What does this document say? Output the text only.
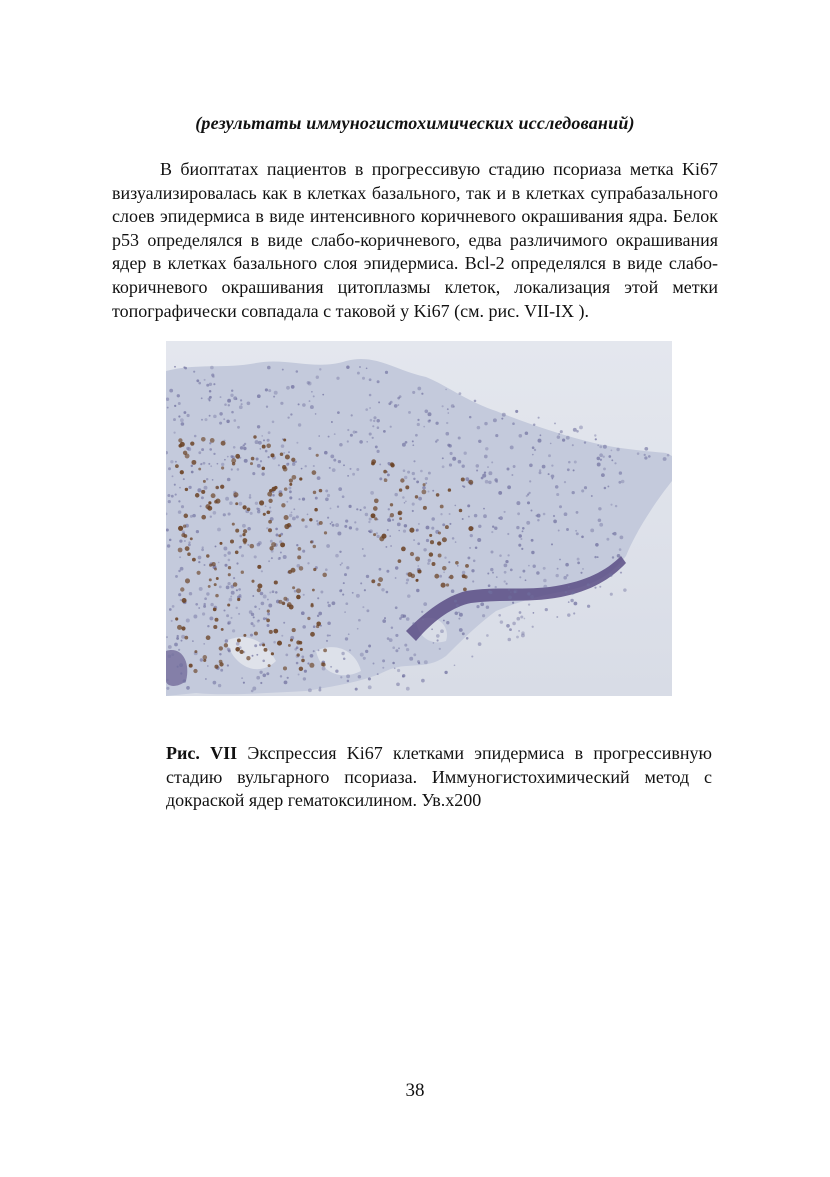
(результаты иммуногистохимических исследований)

В биоптатах пациентов в прогрессивую стадию псориаза метка Ki67 визуализировалась как в клетках базального, так и в клетках супрабазального слоев эпидермиса в виде интенсивного коричневого окрашивания ядра. Белок p53 определялся в виде слабо-коричневого, едва различимого окрашивания ядер в клетках базального слоя эпидермиса. Bcl-2 определялся в виде слабо-коричневого окрашивания цитоплазмы клеток, локализация этой метки топографически совпадала с таковой у Ki67 (см. рис. VII-IX ).

Рис. VII Экспрессия Ki67 клетками эпидермиса в прогрессивную стадию вульгарного псориаза. Иммуногистохимический метод с докраской ядер гематоксилином. Ув.х200

38
